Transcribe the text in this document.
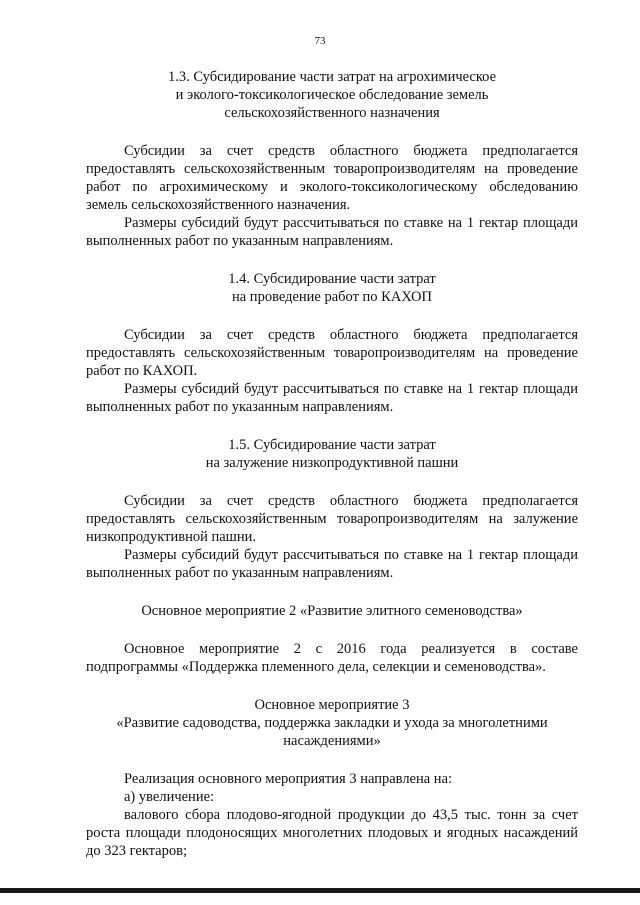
73
1.3. Субсидирование части затрат на агрохимическое
и эколого-токсикологическое обследование земель
сельскохозяйственного назначения

Субсидии за счет средств областного бюджета предполагается предоставлять сельскохозяйственным товаропроизводителям на проведение работ по агрохимическому и эколого-токсикологическому обследованию земель сельскохозяйственного назначения.

Размеры субсидий будут рассчитываться по ставке на 1 гектар площади выполненных работ по указанным направлениям.

1.4. Субсидирование части затрат
на проведение работ по КАХОП

Субсидии за счет средств областного бюджета предполагается предоставлять сельскохозяйственным товаропроизводителям на проведение работ по КАХОП.

Размеры субсидий будут рассчитываться по ставке на 1 гектар площади выполненных работ по указанным направлениям.

1.5. Субсидирование части затрат
на залужение низкопродуктивной пашни

Субсидии за счет средств областного бюджета предполагается предоставлять сельскохозяйственным товаропроизводителям на залужение низкопродуктивной пашни.

Размеры субсидий будут рассчитываться по ставке на 1 гектар площади выполненных работ по указанным направлениям.

Основное мероприятие 2 «Развитие элитного семеноводства»

Основное мероприятие 2 с 2016 года реализуется в составе подпрограммы «Поддержка племенного дела, селекции и семеноводства».

Основное мероприятие 3
«Развитие садоводства, поддержка закладки и ухода за многолетними
насаждениями»

Реализация основного мероприятия 3 направлена на:

а) увеличение:

валового сбора плодово-ягодной продукции до 43,5 тыс. тонн за счет роста площади плодоносящих многолетних плодовых и ягодных насаждений до 323 гектаров;
